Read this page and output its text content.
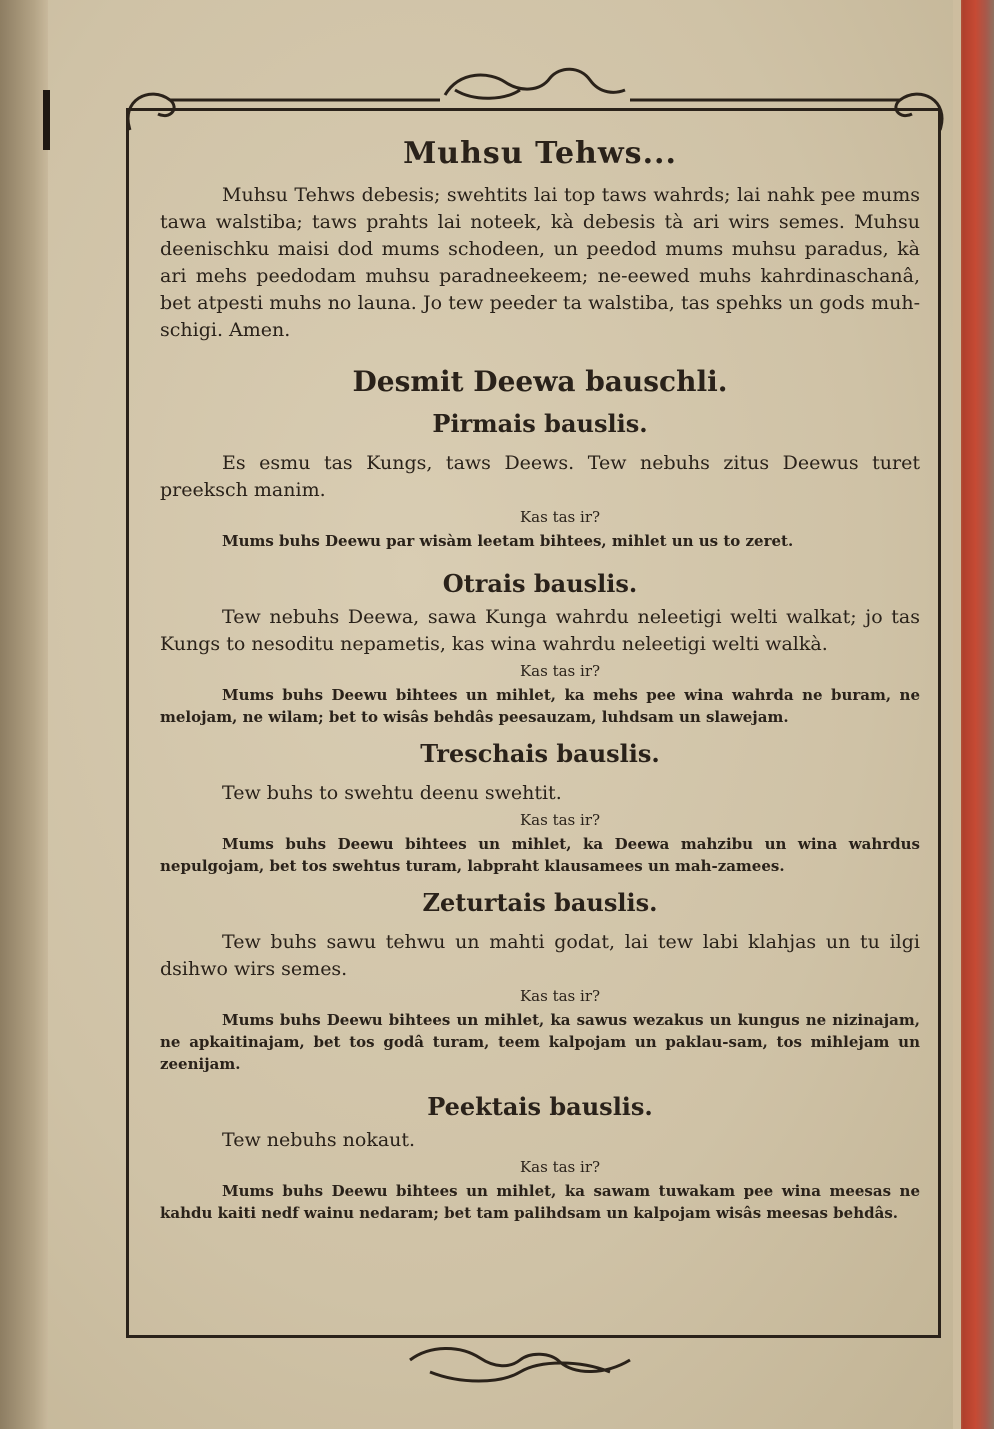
Muhsu Tehws...

Muhsu Tehws debesis; swehtits lai top taws wahrds; lai nahk pee mums tawa walstiba; taws prahts lai noteek, kà debesis tà ari wirs semes. Muhsu deenischku maisi dod mums schodeen, un peedod mums muhsu paradus, kà ari mehs peedodam muhsu paradneekeem; ne-eewed muhs kahrdinaschanâ, bet atpesti muhs no launa. Jo tew peeder ta walstiba, tas spehks un gods muh-schigi. Amen.

Desmit Deewa bauschli.
Pirmais bauslis.

Es esmu tas Kungs, taws Deews. Tew nebuhs zitus Deewus turet preeksch manim.

Kas tas ir?

Mums buhs Deewu par wisàm leetam bihtees, mihlet un us to zeret.

Otrais bauslis.

Tew nebuhs Deewa, sawa Kunga wahrdu neleetigi welti walkat; jo tas Kungs to nesoditu nepametis, kas wina wahrdu neleetigi welti walkà.

Kas tas ir?

Mums buhs Deewu bihtees un mihlet, ka mehs pee wina wahrda ne buram, ne melojam, ne wilam; bet to wisâs behdâs peesauzam, luhdsam un slawejam.

Treschais bauslis.

Tew buhs to swehtu deenu swehtit.

Kas tas ir?

Mums buhs Deewu bihtees un mihlet, ka Deewa mahzibu un wina wahrdus nepulgojam, bet tos swehtus turam, labpraht klausamees un mah-zamees.

Zeturtais bauslis.

Tew buhs sawu tehwu un mahti godat, lai tew labi klahjas un tu ilgi dsihwo wirs semes.

Kas tas ir?

Mums buhs Deewu bihtees un mihlet, ka sawus wezakus un kungus ne nizinajam, ne apkaitinajam, bet tos godâ turam, teem kalpojam un paklau-sam, tos mihlejam un zeenijam.

Peektais bauslis.

Tew nebuhs nokaut.

Kas tas ir?

Mums buhs Deewu bihtees un mihlet, ka sawam tuwakam pee wina meesas ne kahdu kaiti nedf wainu nedaram; bet tam palihdsam un kalpojam wisâs meesas behdâs.
